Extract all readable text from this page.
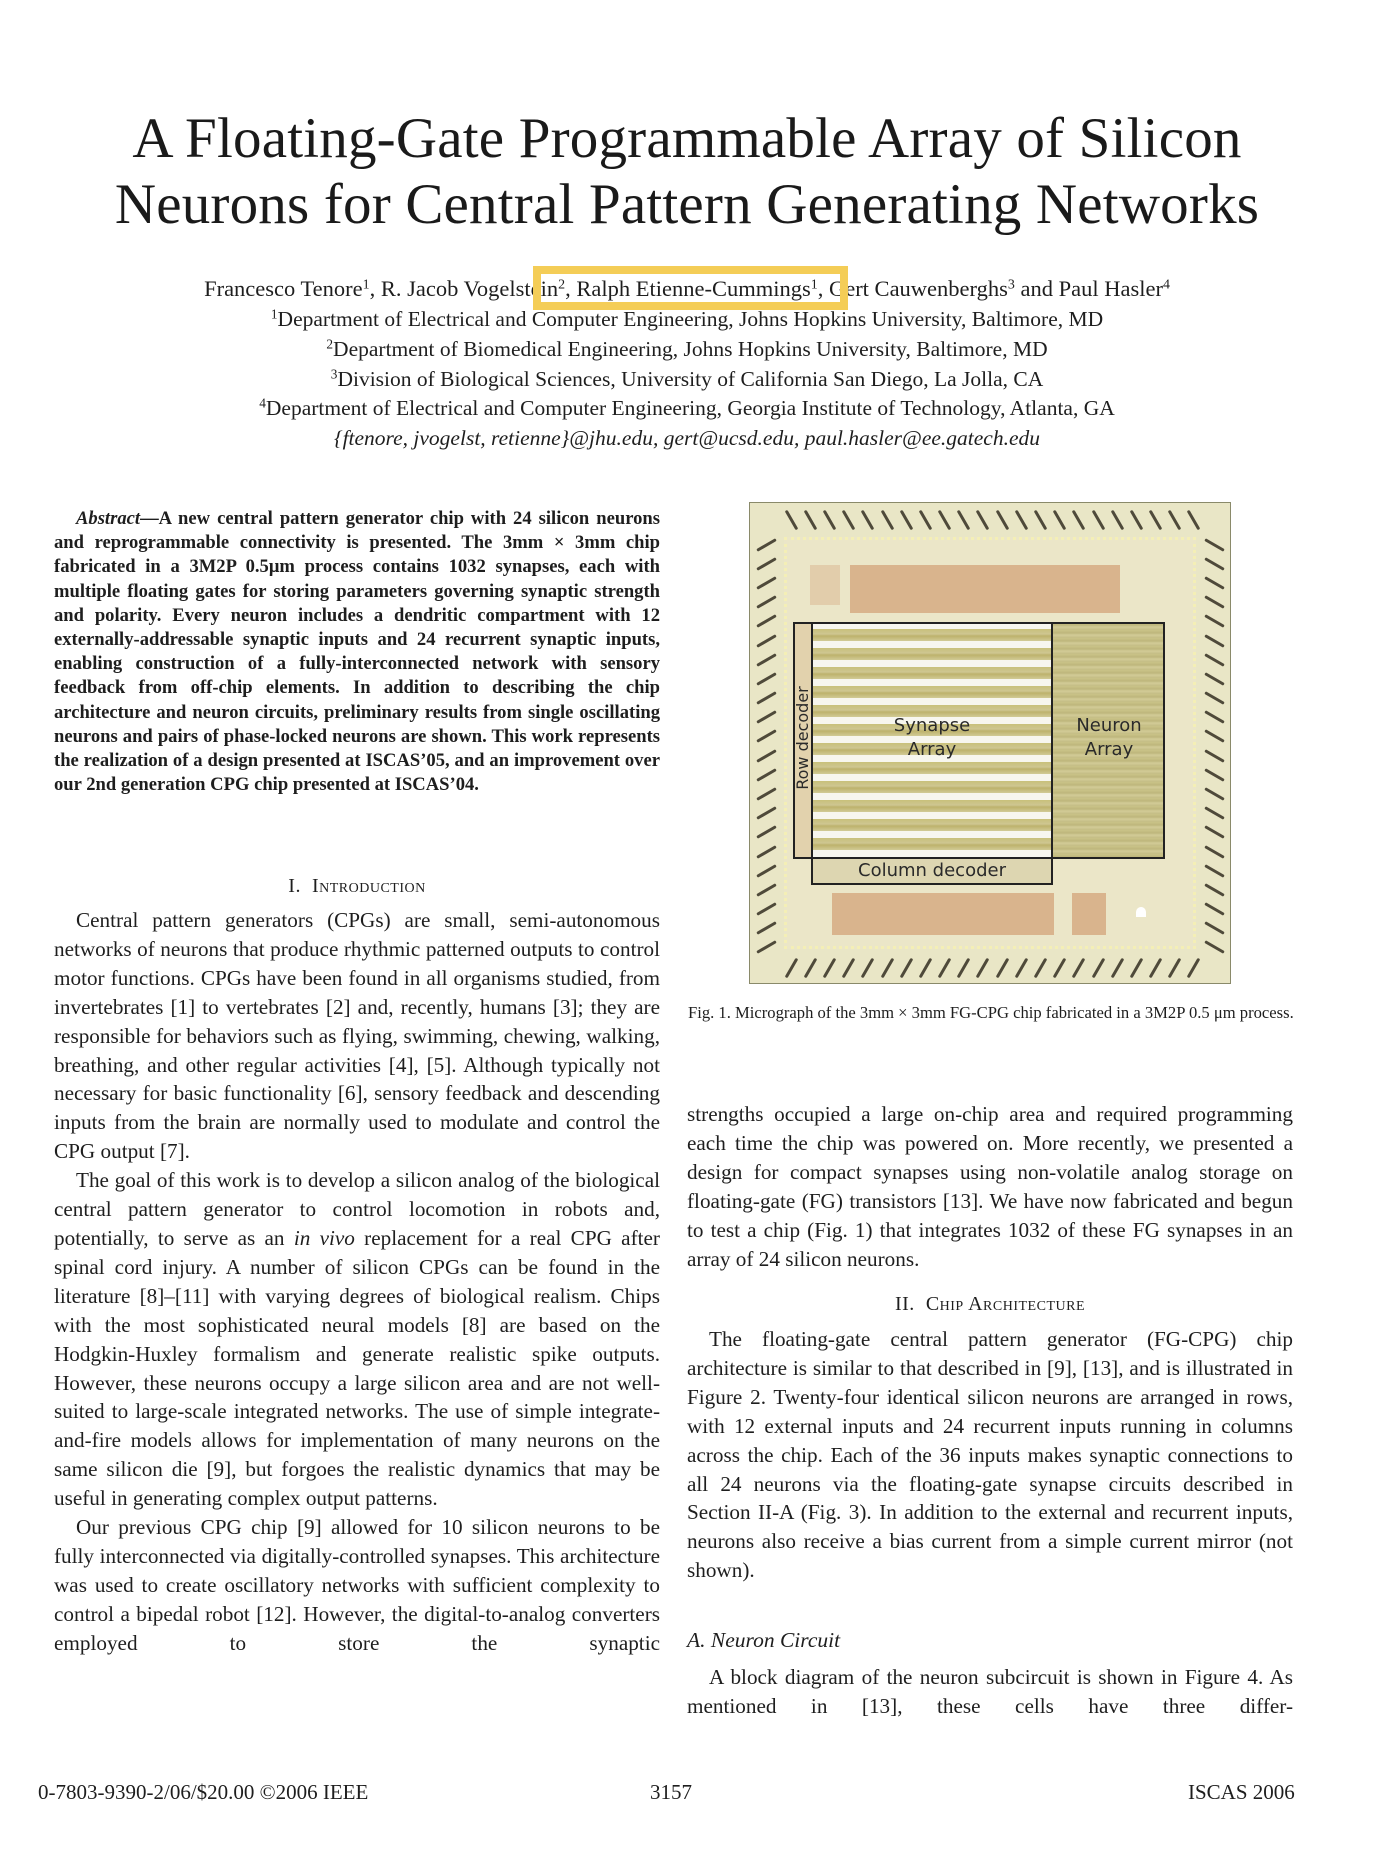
A Floating-Gate Programmable Array of Silicon
Neurons for Central Pattern Generating Networks
Francesco Tenore$^1$, R. Jacob Vogelstein$^2$, Ralph Etienne-Cummings$^1$, Gert Cauwenberghs$^3$ and Paul Hasler$^4$
$^1$Department of Electrical and Computer Engineering, Johns Hopkins University, Baltimore, MD
$^2$Department of Biomedical Engineering, Johns Hopkins University, Baltimore, MD
$^3$Division of Biological Sciences, University of California San Diego, La Jolla, CA
$^4$Department of Electrical and Computer Engineering, Georgia Institute of Technology, Atlanta, GA
{ftenore, jvogelst, retienne}@jhu.edu, gert@ucsd.edu, paul.hasler@ee.gatech.edu

Abstract—A new central pattern generator chip with 24 silicon neurons and reprogrammable connectivity is presented. The 3mm × 3mm chip fabricated in a 3M2P 0.5μm process contains 1032 synapses, each with multiple floating gates for storing parameters governing synaptic strength and polarity. Every neuron includes a dendritic compartment with 12 externally-addressable synaptic inputs and 24 recurrent synaptic inputs, enabling construction of a fully-interconnected network with sensory feedback from off-chip elements. In addition to describing the chip architecture and neuron circuits, preliminary results from single oscillating neurons and pairs of phase-locked neurons are shown. This work represents the realization of a design presented at ISCAS’05, and an improvement over our 2nd generation CPG chip presented at ISCAS’04.

I. Introduction

Central pattern generators (CPGs) are small, semi-autonomous networks of neurons that produce rhythmic patterned outputs to control motor functions. CPGs have been found in all organisms studied, from invertebrates [1] to vertebrates [2] and, recently, humans [3]; they are responsible for behaviors such as flying, swimming, chewing, walking, breathing, and other regular activities [4], [5]. Although typically not necessary for basic functionality [6], sensory feedback and descending inputs from the brain are normally used to modulate and control the CPG output [7].

The goal of this work is to develop a silicon analog of the biological central pattern generator to control locomotion in robots and, potentially, to serve as an in vivo replacement for a real CPG after spinal cord injury. A number of silicon CPGs can be found in the literature [8]–[11] with varying degrees of biological realism. Chips with the most sophisticated neural models [8] are based on the Hodgkin-Huxley formalism and generate realistic spike outputs. However, these neurons occupy a large silicon area and are not well-suited to large-scale integrated networks. The use of simple integrate-and-fire models allows for implementation of many neurons on the same silicon die [9], but forgoes the realistic dynamics that may be useful in generating complex output patterns.

Our previous CPG chip [9] allowed for 10 silicon neurons to be fully interconnected via digitally-controlled synapses. This architecture was used to create oscillatory networks with sufficient complexity to control a bipedal robot [12]. However, the digital-to-analog converters employed to store the synaptic

Row decoder	Synapse
Array
Neuron
Array
Column decoder
Fig. 1. Micrograph of the 3mm × 3mm FG-CPG chip fabricated in a 3M2P 0.5 μm process.

strengths occupied a large on-chip area and required programming each time the chip was powered on. More recently, we presented a design for compact synapses using non-volatile analog storage on floating-gate (FG) transistors [13]. We have now fabricated and begun to test a chip (Fig. 1) that integrates 1032 of these FG synapses in an array of 24 silicon neurons.

II. Chip Architecture

The floating-gate central pattern generator (FG-CPG) chip architecture is similar to that described in [9], [13], and is illustrated in Figure 2. Twenty-four identical silicon neurons are arranged in rows, with 12 external inputs and 24 recurrent inputs running in columns across the chip. Each of the 36 inputs makes synaptic connections to all 24 neurons via the floating-gate synapse circuits described in Section II-A (Fig. 3). In addition to the external and recurrent inputs, neurons also receive a bias current from a simple current mirror (not shown).

A. Neuron Circuit

A block diagram of the neuron subcircuit is shown in Figure 4. As mentioned in [13], these cells have three differ-

0-7803-9390-2/06/$20.00 ©2006 IEEE	3157	ISCAS 2006
